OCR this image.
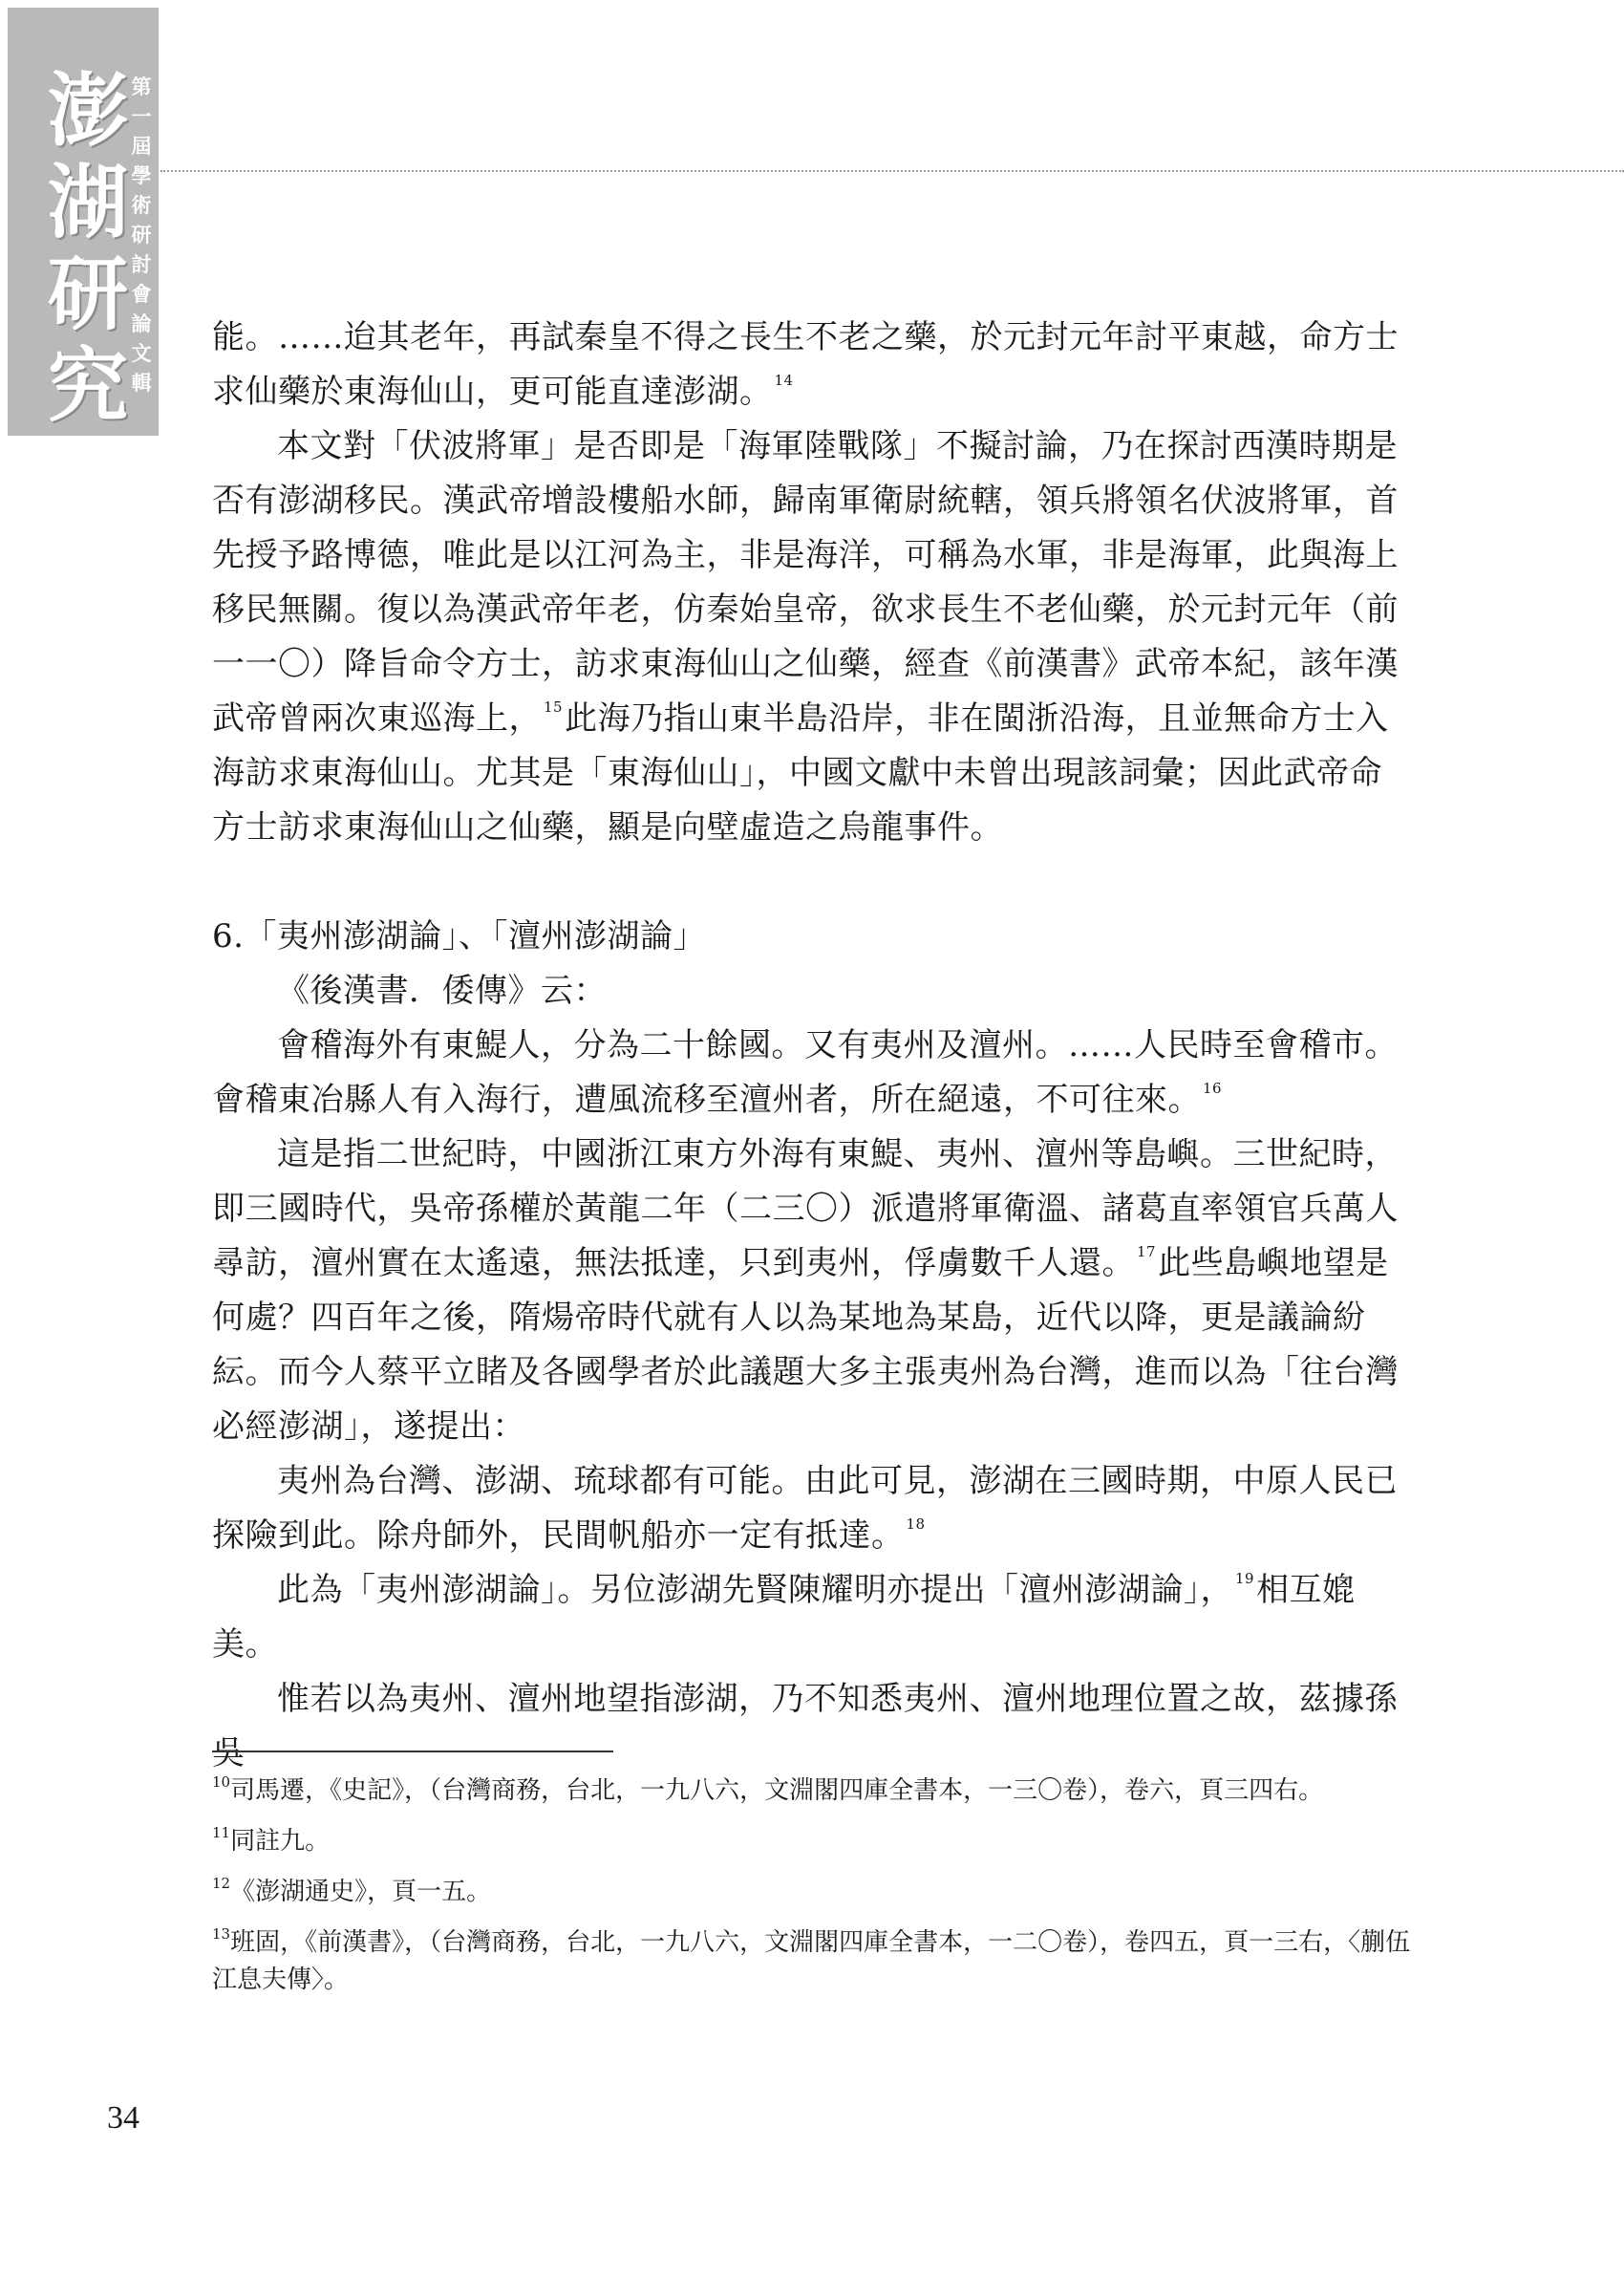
澎湖研究
第一屆學術研討會論文輯

能。……迨其老年，再試秦皇不得之長生不老之藥，於元封元年討平東越，命方士求仙藥於東海仙山，更可能直達澎湖。 $^{14}$

本文對「伏波將軍」是否即是「海軍陸戰隊」不擬討論，乃在探討西漢時期是否有澎湖移民。漢武帝增設樓船水師，歸南軍衛尉統轄，領兵將領名伏波將軍，首先授予路博德，唯此是以江河為主，非是海洋，可稱為水軍，非是海軍，此與海上移民無關。復以為漢武帝年老，仿秦始皇帝，欲求長生不老仙藥，於元封元年（前一一〇）降旨命令方士，訪求東海仙山之仙藥，經查《前漢書》武帝本紀，該年漢武帝曾兩次東巡海上， $^{15}$此海乃指山東半島沿岸，非在閩浙沿海，且並無命方士入海訪求東海仙山。尤其是「東海仙山」，中國文獻中未曾出現該詞彙；因此武帝命方士訪求東海仙山之仙藥，顯是向壁虛造之烏龍事件。

6.「夷州澎湖論」、「澶州澎湖論」

《後漢書．倭傳》云：

會稽海外有東鯷人，分為二十餘國。又有夷州及澶州。……人民時至會稽市。會稽東冶縣人有入海行，遭風流移至澶州者，所在絕遠，不可往來。 $^{16}$

這是指二世紀時，中國浙江東方外海有東鯷、夷州、澶州等島嶼。三世紀時，即三國時代，吳帝孫權於黃龍二年（二三〇）派遣將軍衛溫、諸葛直率領官兵萬人尋訪，澶州實在太遙遠，無法抵達，只到夷州，俘虜數千人還。 $^{17}$此些島嶼地望是何處？四百年之後，隋煬帝時代就有人以為某地為某島，近代以降，更是議論紛紜。而今人蔡平立睹及各國學者於此議題大多主張夷州為台灣，進而以為「往台灣必經澎湖」，遂提出：

夷州為台灣、澎湖、琉球都有可能。由此可見，澎湖在三國時期，中原人民已探險到此。除舟師外，民間帆船亦一定有抵達。 $^{18}$

此為「夷州澎湖論」。另位澎湖先賢陳耀明亦提出「澶州澎湖論」， $^{19}$相互媲美。

惟若以為夷州、澶州地望指澎湖，乃不知悉夷州、澶州地理位置之故，茲據孫吳

$^{10}$司馬遷，《史記》，（台灣商務，台北，一九八六，文淵閣四庫全書本，一三〇卷），卷六，頁三四右。

$^{11}$同註九。

$^{12}$《澎湖通史》，頁一五。

$^{13}$班固，《前漢書》，（台灣商務，台北，一九八六，文淵閣四庫全書本，一二〇卷），卷四五，頁一三右，〈蒯伍江息夫傳〉。

34
